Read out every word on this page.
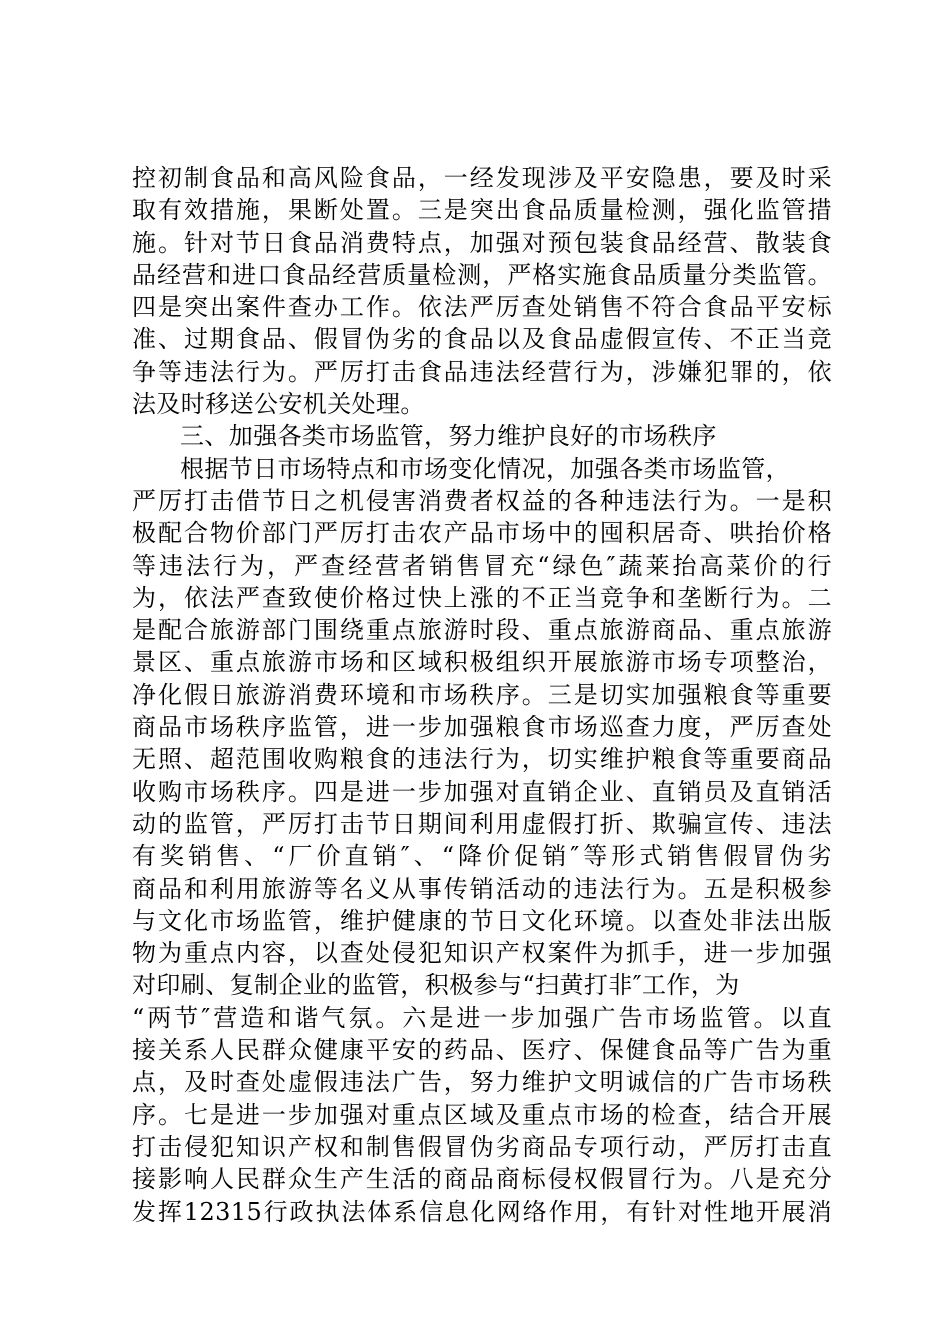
控初制食品和高风险食品，一经发现涉及平安隐患，要及时采
取有效措施，果断处置。三是突出食品质量检测，强化监管措
施。针对节日食品消费特点，加强对预包装食品经营、散装食
品经营和进口食品经营质量检测，严格实施食品质量分类监管。
四是突出案件查办工作。依法严厉查处销售不符合食品平安标
准、过期食品、假冒伪劣的食品以及食品虚假宣传、不正当竞
争等违法行为。严厉打击食品违法经营行为，涉嫌犯罪的，依
法及时移送公安机关处理。
三、加强各类市场监管，努力维护良好的市场秩序
根据节日市场特点和市场变化情况，加强各类市场监管，
严厉打击借节日之机侵害消费者权益的各种违法行为。一是积
极配合物价部门严厉打击农产品市场中的囤积居奇、哄抬价格
等违法行为，严查经营者销售冒充“绿色″蔬莱抬高菜价的行
为，依法严查致使价格过快上涨的不正当竞争和垄断行为。二
是配合旅游部门围绕重点旅游时段、重点旅游商品、重点旅游
景区、重点旅游市场和区域积极组织开展旅游市场专项整治，
净化假日旅游消费环境和市场秩序。三是切实加强粮食等重要
商品市场秩序监管，进一步加强粮食市场巡查力度，严厉查处
无照、超范围收购粮食的违法行为，切实维护粮食等重要商品
收购市场秩序。四是进一步加强对直销企业、直销员及直销活
动的监管，严厉打击节日期间利用虚假打折、欺骗宣传、违法
有奖销售、“厂价直销″、“降价促销″等形式销售假冒伪劣
商品和利用旅游等名义从事传销活动的违法行为。五是积极参
与文化市场监管，维护健康的节日文化环境。以查处非法出版
物为重点内容，以查处侵犯知识产权案件为抓手，进一步加强
对印刷、复制企业的监管，积极参与“扫黄打非″工作，为
“两节″营造和谐气氛。六是进一步加强广告市场监管。以直
接关系人民群众健康平安的药品、医疗、保健食品等广告为重
点，及时查处虚假违法广告，努力维护文明诚信的广告市场秩
序。七是进一步加强对重点区域及重点市场的检查，结合开展
打击侵犯知识产权和制售假冒伪劣商品专项行动，严厉打击直
接影响人民群众生产生活的商品商标侵权假冒行为。八是充分
发挥12315行政执法体系信息化网络作用，有针对性地开展消
